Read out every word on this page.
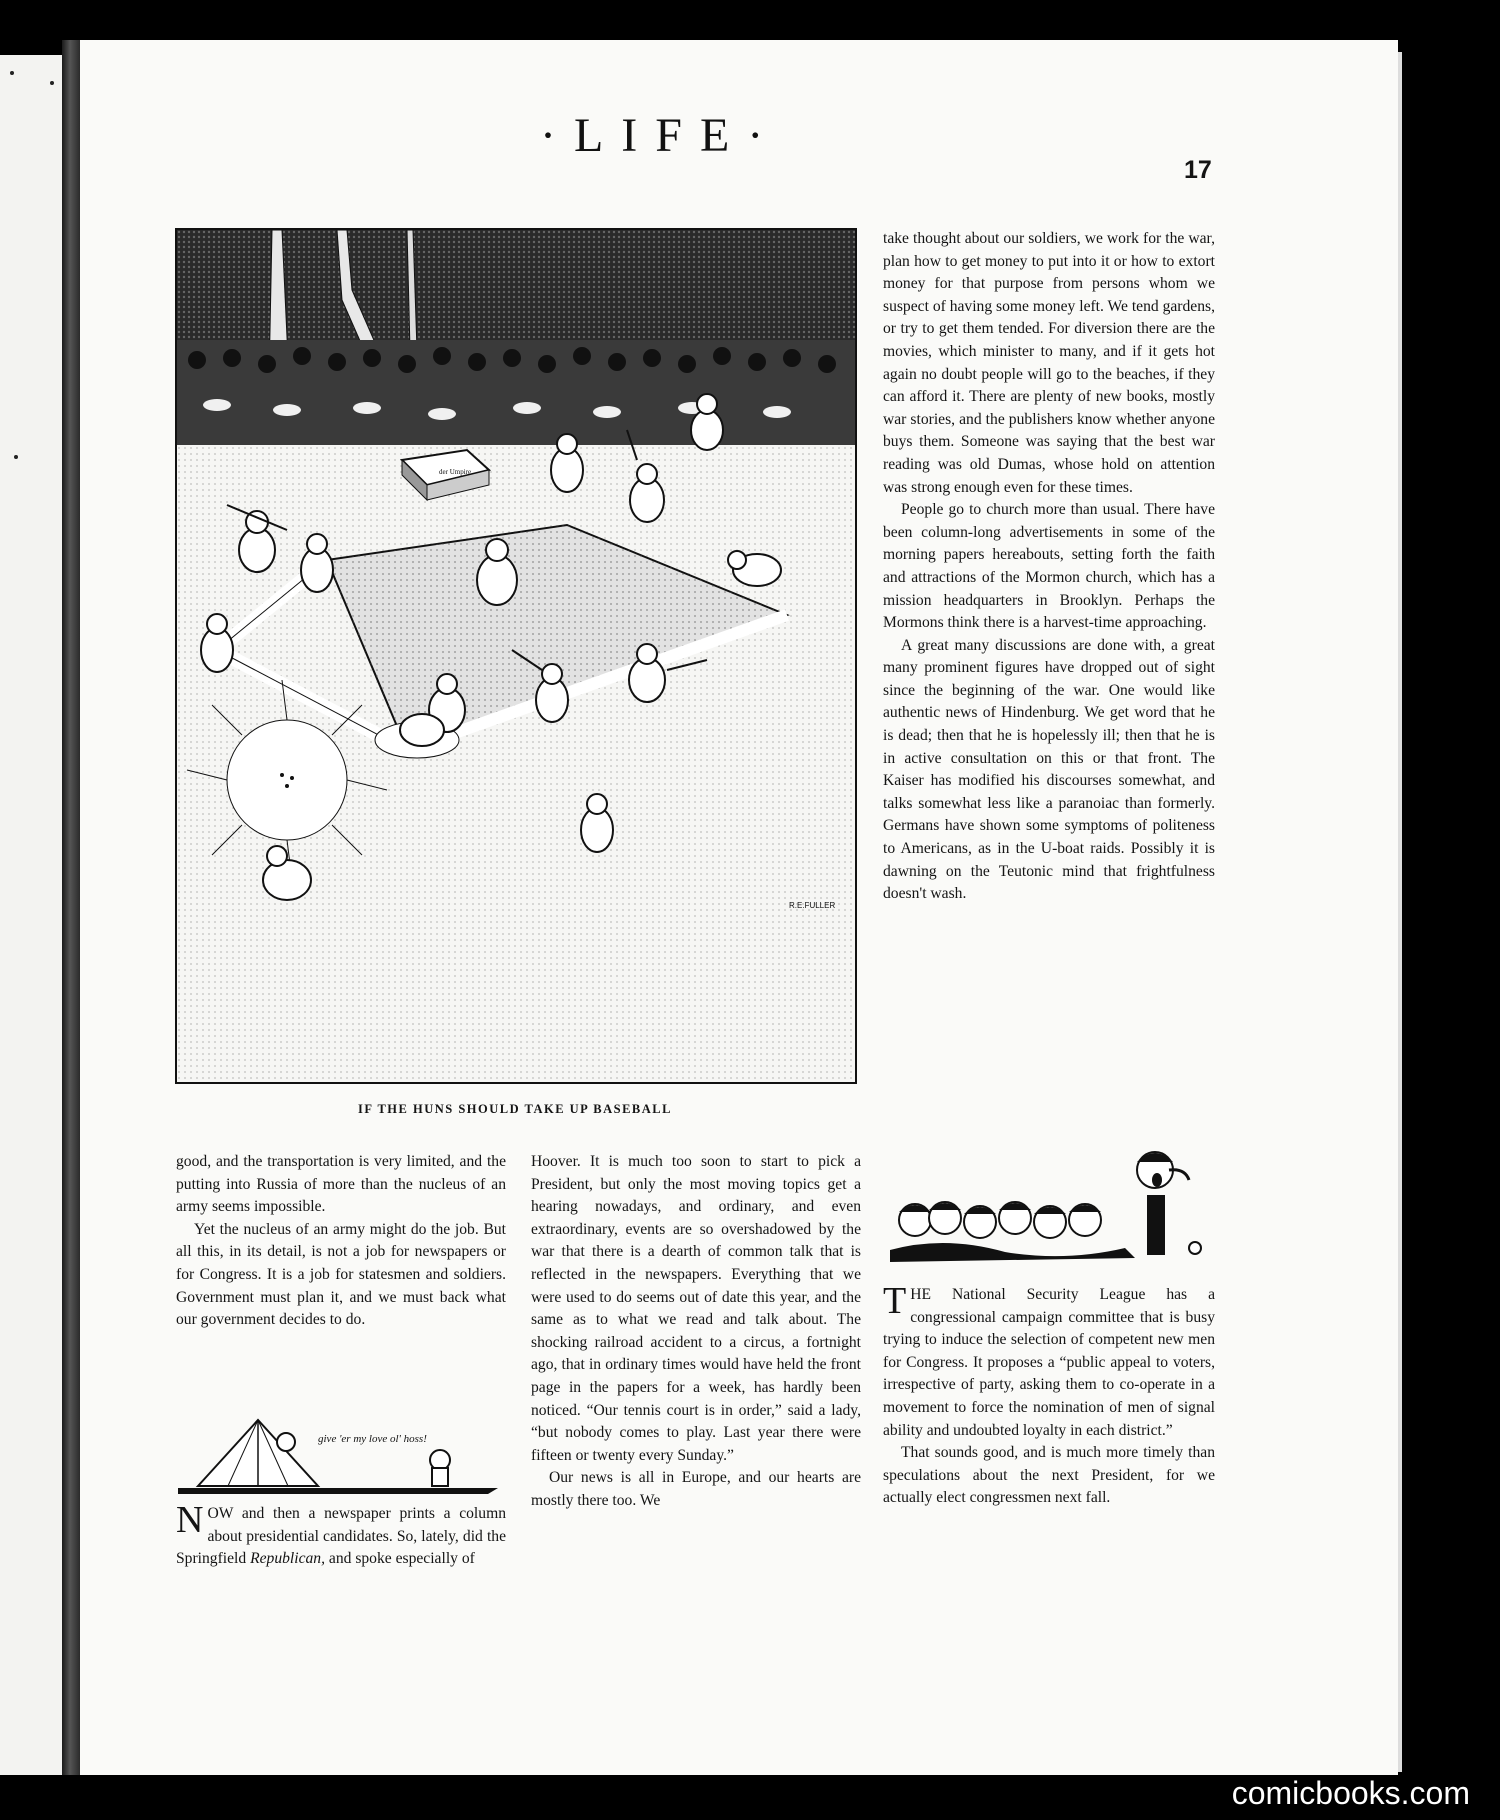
·LIFE·
17
der Umpire
R.E.FULLER
IF THE HUNS SHOULD TAKE UP BASEBALL

take thought about our soldiers, we work for the war, plan how to get money to put into it or how to extort money for that purpose from persons whom we suspect of having some money left. We tend gardens, or try to get them tended. For diversion there are the movies, which minister to many, and if it gets hot again no doubt people will go to the beaches, if they can afford it. There are plenty of new books, mostly war stories, and the publishers know whether anyone buys them. Someone was saying that the best war reading was old Dumas, whose hold on attention was strong enough even for these times.

People go to church more than usual. There have been column-long advertisements in some of the morning papers hereabouts, setting forth the faith and attractions of the Mormon church, which has a mission headquarters in Brooklyn. Perhaps the Mormons think there is a harvest-time approaching.

A great many discussions are done with, a great many prominent figures have dropped out of sight since the beginning of the war. One would like authentic news of Hindenburg. We get word that he is dead; then that he is hopelessly ill; then that he is in active consultation on this or that front. The Kaiser has modified his discourses somewhat, and talks somewhat less like a paranoiac than formerly. Germans have shown some symptoms of politeness to Americans, as in the U-boat raids. Possibly it is dawning on the Teutonic mind that frightfulness doesn't wash.

THE National Security League has a congressional campaign committee that is busy trying to induce the selection of competent new men for Congress. It proposes a “public appeal to voters, irrespective of party, asking them to co-operate in a movement to force the nomination of men of signal ability and undoubted loyalty in each district.”

That sounds good, and is much more timely than speculations about the next President, for we actually elect congressmen next fall.

good, and the transportation is very limited, and the putting into Russia of more than the nucleus of an army seems impossible.

Yet the nucleus of an army might do the job. But all this, in its detail, is not a job for newspapers or for Congress. It is a job for statesmen and soldiers. Government must plan it, and we must back what our government decides to do.

give 'er my love ol' hoss!

NOW and then a newspaper prints a column about presidential candidates. So, lately, did the Springfield Republican, and spoke especially of

Hoover. It is much too soon to start to pick a President, but only the most moving topics get a hearing nowadays, and ordinary, and even extraordinary, events are so overshadowed by the war that there is a dearth of common talk that is reflected in the newspapers. Everything that we were used to do seems out of date this year, and the same as to what we read and talk about. The shocking railroad accident to a circus, a fortnight ago, that in ordinary times would have held the front page in the papers for a week, has hardly been noticed. “Our tennis court is in order,” said a lady, “but nobody comes to play. Last year there were fifteen or twenty every Sunday.”

Our news is all in Europe, and our hearts are mostly there too. We

comicbooks.com
